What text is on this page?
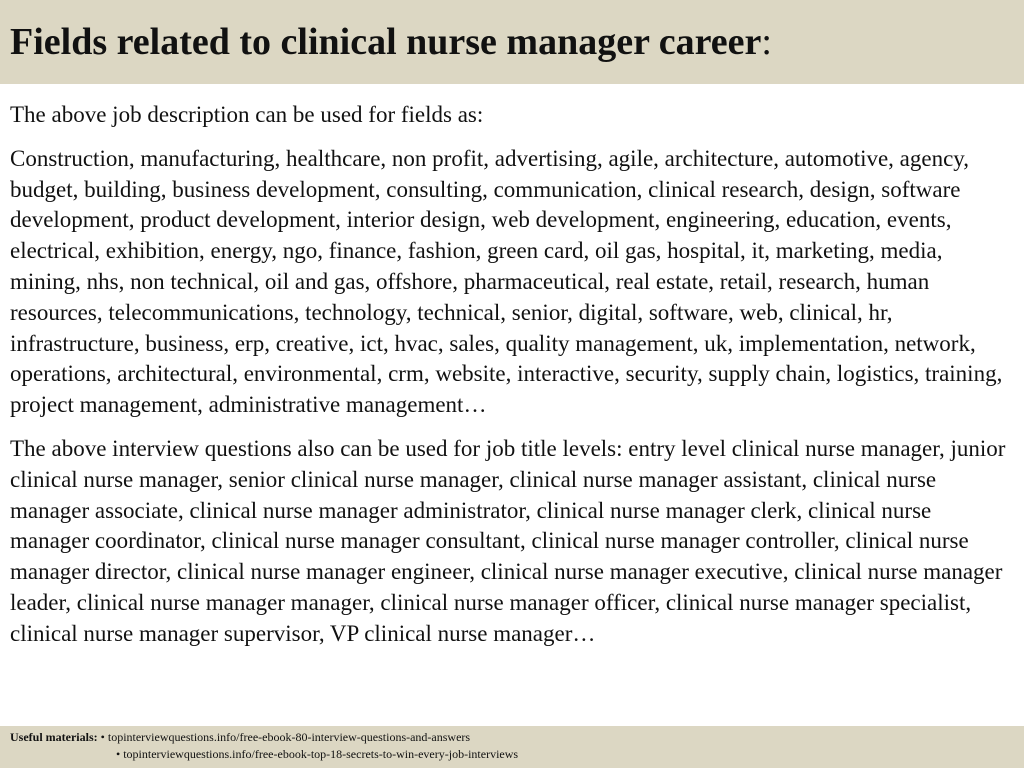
Fields related to clinical nurse manager career:

The above job description can be used for fields as:

Construction, manufacturing, healthcare, non profit, advertising, agile, architecture, automotive, agency, budget, building, business development, consulting, communication, clinical research, design, software development, product development, interior design, web development, engineering, education, events, electrical, exhibition, energy, ngo, finance, fashion, green card, oil gas, hospital, it, marketing, media, mining, nhs, non technical, oil and gas, offshore, pharmaceutical, real estate, retail, research, human resources, telecommunications, technology, technical, senior, digital, software, web, clinical, hr, infrastructure, business, erp, creative, ict, hvac, sales, quality management, uk, implementation, network, operations, architectural, environmental, crm, website, interactive, security, supply chain, logistics, training, project management, administrative management…

The above interview questions also can be used for job title levels: entry level clinical nurse manager, junior clinical nurse manager, senior clinical nurse manager, clinical nurse manager assistant, clinical nurse manager associate, clinical nurse manager administrator, clinical nurse manager clerk, clinical nurse manager coordinator, clinical nurse manager consultant, clinical nurse manager controller, clinical nurse manager director, clinical nurse manager engineer, clinical nurse manager executive, clinical nurse manager leader, clinical nurse manager manager, clinical nurse manager officer, clinical nurse manager specialist, clinical nurse manager supervisor, VP clinical nurse manager…

Useful materials: • topinterviewquestions.info/free-ebook-80-interview-questions-and-answers
• topinterviewquestions.info/free-ebook-top-18-secrets-to-win-every-job-interviews
